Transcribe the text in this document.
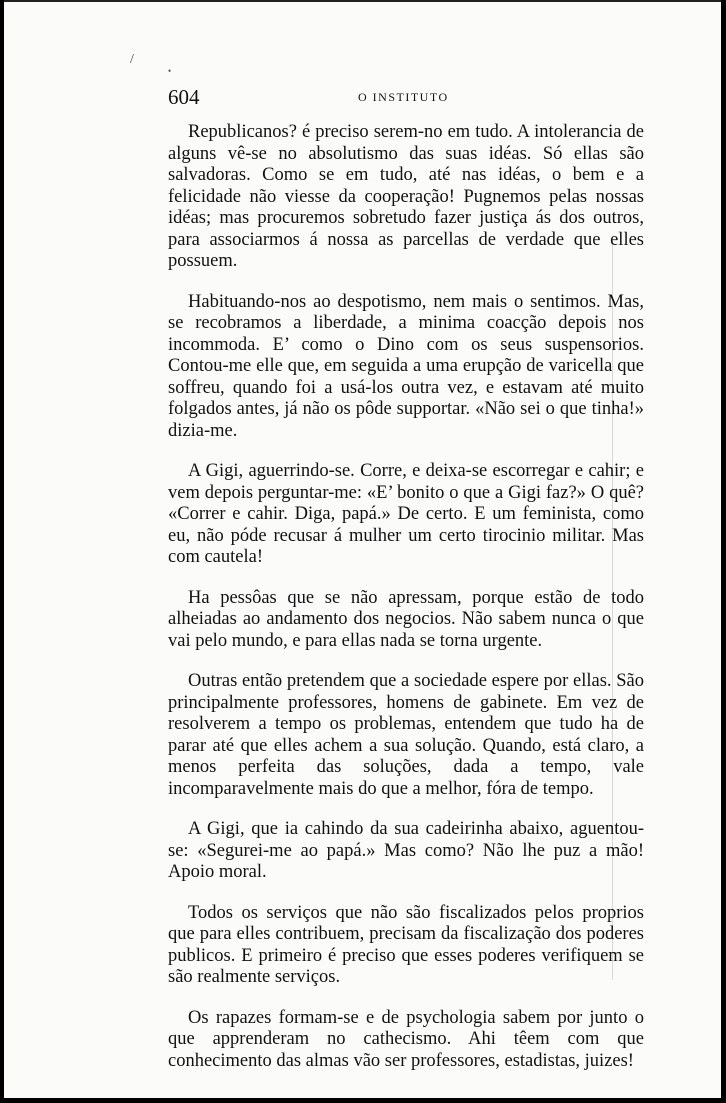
/
•
604	O INSTITUTO

Republicanos? é preciso serem-no em tudo. A intolerancia de alguns vê-se no absolutismo das suas idéas. Só ellas são salvadoras. Como se em tudo, até nas idéas, o bem e a felicidade não viesse da cooperação! Pugnemos pelas nossas idéas; mas procuremos sobretudo fazer justiça ás dos outros, para associarmos á nossa as parcellas de verdade que elles possuem.

Habituando-nos ao despotismo, nem mais o sentimos. Mas, se recobramos a liberdade, a minima coacção depois nos incommoda. E’ como o Dino com os seus suspensorios. Contou-me elle que, em seguida a uma erupção de varicella que soffreu, quando foi a usá-los outra vez, e estavam até muito folgados antes, já não os pôde supportar. «Não sei o que tinha!» dizia-me.

A Gigi, aguerrindo-se. Corre, e deixa-se escorregar e cahir; e vem depois perguntar-me: «E’ bonito o que a Gigi faz?» O quê? «Correr e cahir. Diga, papá.» De certo. E um feminista, como eu, não póde recusar á mulher um certo tirocinio militar. Mas com cautela!

Ha pessôas que se não apressam, porque estão de todo alheiadas ao andamento dos negocios. Não sabem nunca o que vai pelo mundo, e para ellas nada se torna urgente.

Outras então pretendem que a sociedade espere por ellas. São principalmente professores, homens de gabinete. Em vez de resolverem a tempo os problemas, entendem que tudo ha de parar até que elles achem a sua solução. Quando, está claro, a menos perfeita das soluções, dada a tempo, vale incomparavelmente mais do que a melhor, fóra de tempo.

A Gigi, que ia cahindo da sua cadeirinha abaixo, aguentou-se: «Segurei-me ao papá.» Mas como? Não lhe puz a mão! Apoio moral.

Todos os serviços que não são fiscalizados pelos proprios que para elles contribuem, precisam da fiscalização dos poderes publicos. E primeiro é preciso que esses poderes verifiquem se são realmente serviços.

Os rapazes formam-se e de psychologia sabem por junto o que apprenderam no cathecismo. Ahi têem com que conhecimento das almas vão ser professores, estadistas, juizes!
